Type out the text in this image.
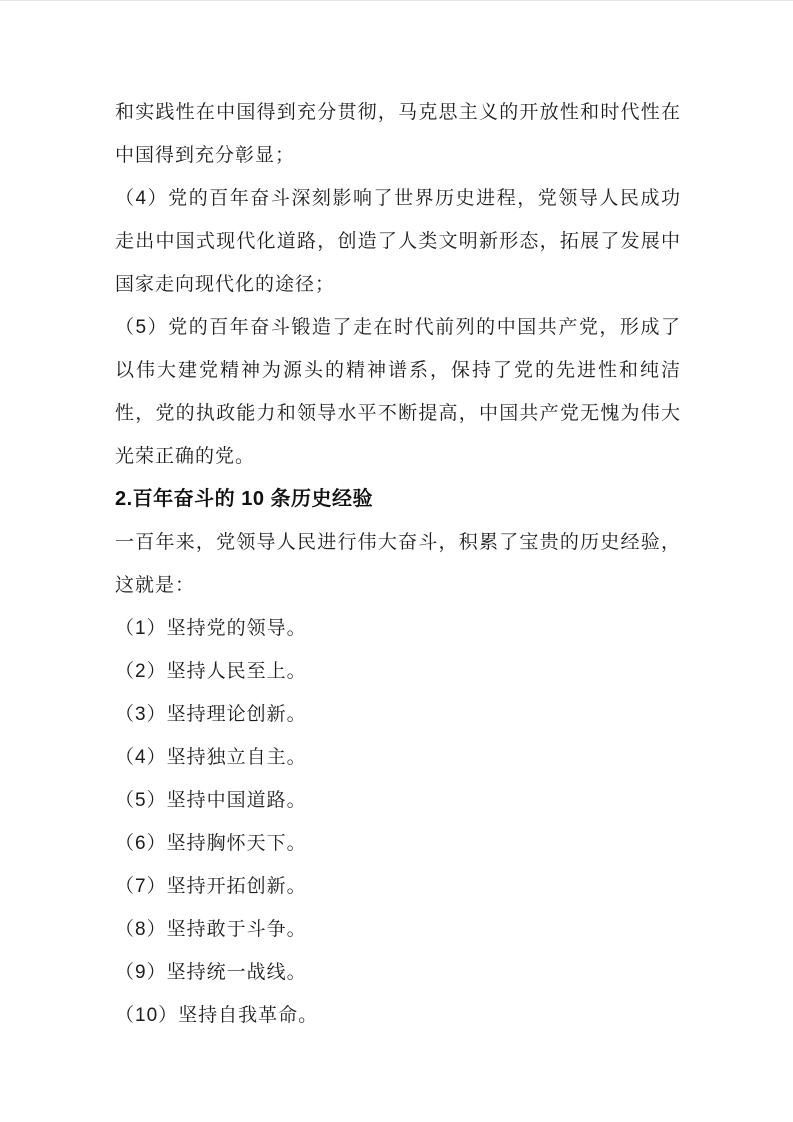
和实践性在中国得到充分贯彻，马克思主义的开放性和时代性在中国得到充分彰显；

（4）党的百年奋斗深刻影响了世界历史进程，党领导人民成功走出中国式现代化道路，创造了人类文明新形态，拓展了发展中国家走向现代化的途径；

（5）党的百年奋斗锻造了走在时代前列的中国共产党，形成了以伟大建党精神为源头的精神谱系，保持了党的先进性和纯洁性，党的执政能力和领导水平不断提高，中国共产党无愧为伟大光荣正确的党。

2.百年奋斗的 10 条历史经验

一百年来，党领导人民进行伟大奋斗，积累了宝贵的历史经验，这就是：

（1）坚持党的领导。

（2）坚持人民至上。

（3）坚持理论创新。

（4）坚持独立自主。

（5）坚持中国道路。

（6）坚持胸怀天下。

（7）坚持开拓创新。

（8）坚持敢于斗争。

（9）坚持统一战线。

（10）坚持自我革命。
